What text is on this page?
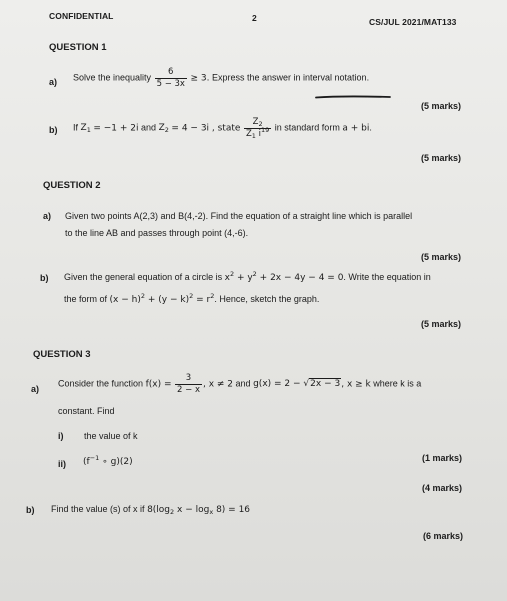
CONFIDENTIAL	2	CS/JUL 2021/MAT133
QUESTION 1
a) Solve the inequality $\frac{6}{5 - 3x} \ge 3$. Express the answer in interval notation.
(5 marks)
b) If $Z_1 = -1 + 2i$ and $Z_2 = 4 - 3i$ , state $\frac{Z_2}{Z_1 i^{19}}$ in standard form a + bi.
(5 marks)
QUESTION 2
a) Given two points A(2,3) and B(4,-2). Find the equation of a straight line which is parallel
to the line AB and passes through point (4,-6).
(5 marks)
b) Given the general equation of a circle is $x^2 + y^2 + 2x - 4y - 4 = 0$. Write the equation in
the form of $(x - h)^2 + (y - k)^2 = r^2$. Hence, sketch the graph.
(5 marks)
QUESTION 3
a)
Consider the function $f(x) = \frac{3}{2 - x}$ , x ≠ 2 and g(x) = 2 − √2x − 3, x ≥ k where k is a
constant. Find
i) the value of k
(1 marks)
ii) ($f^{-1}$ ∘ g)(2)
(4 marks)
b) Find the value (s) of x if $8(\log_2$ $x - \log_x 8) = 16$
(6 marks)
